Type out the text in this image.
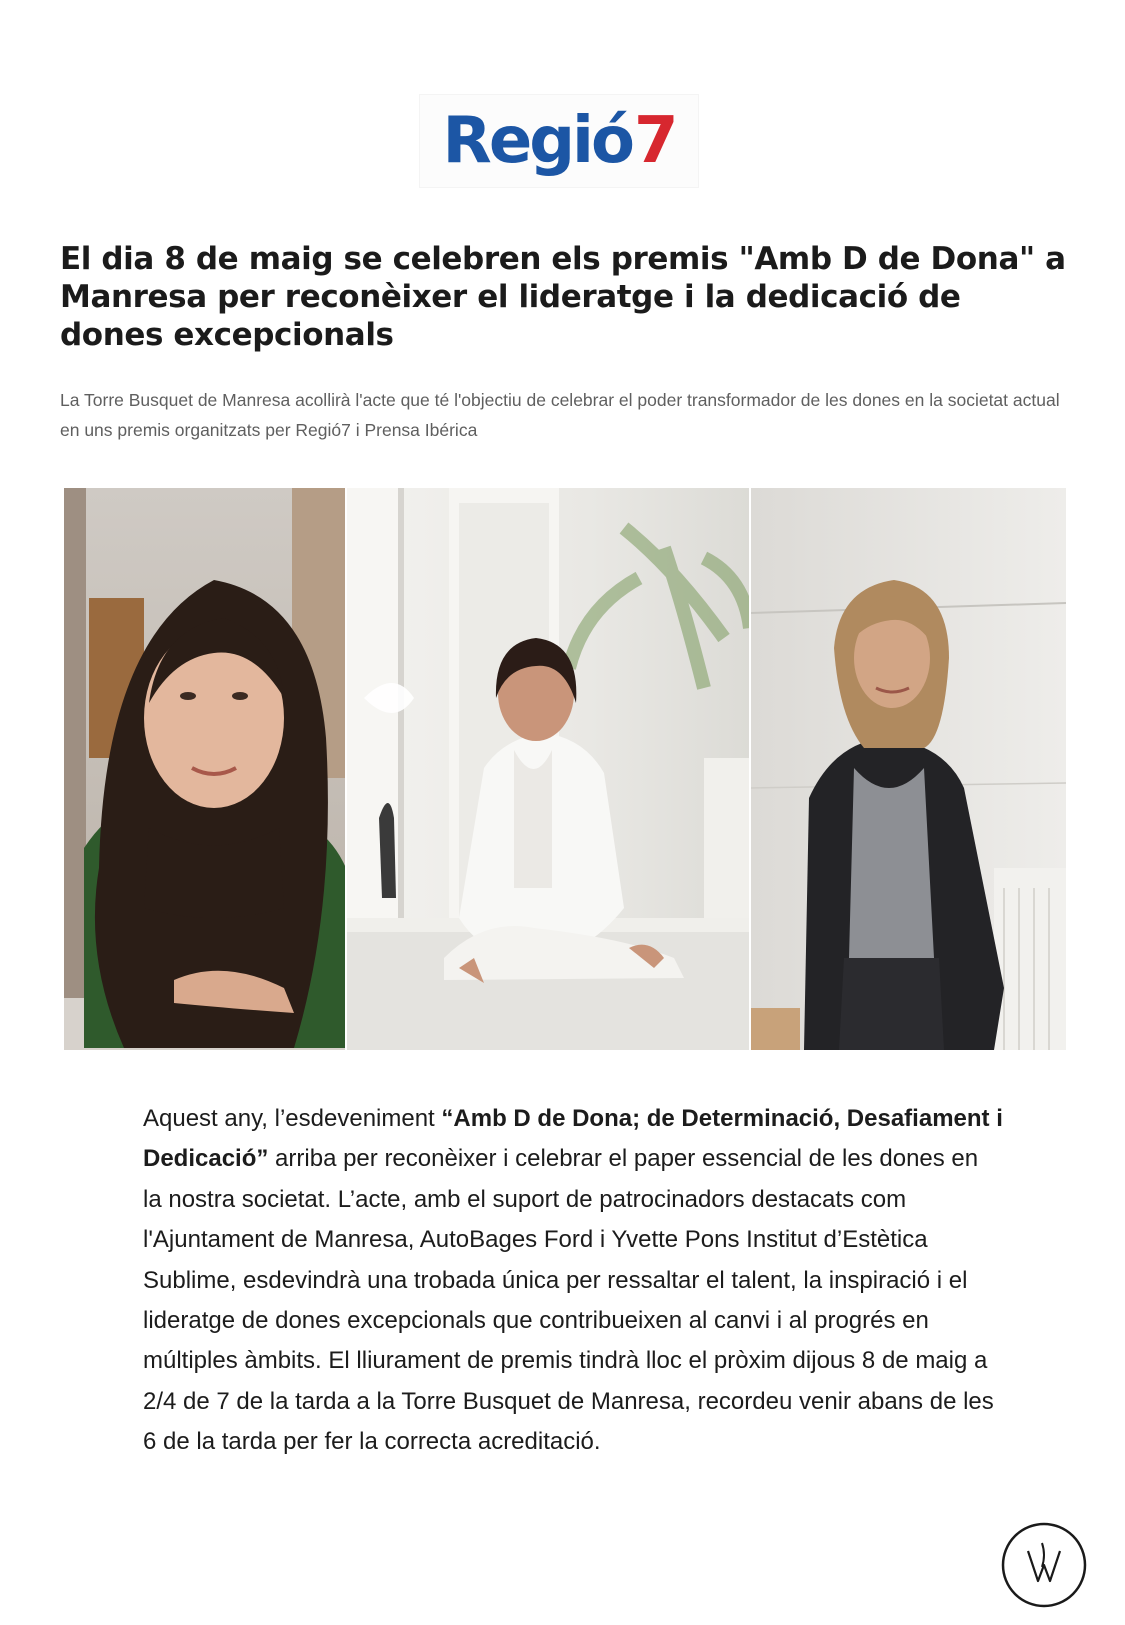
Regió 7
El dia 8 de maig se celebren els premis "Amb D de Dona" a Manresa per reconèixer el lideratge i la dedicació de dones excepcionals

La Torre Busquet de Manresa acollirà l'acte que té l'objectiu de celebrar el poder transformador de les dones en la societat actual en uns premis organitzats per Regió7 i Prensa Ibérica

Aquest any, l’esdeveniment “Amb D de Dona; de Determinació, Desafiament i Dedicació” arriba per reconèixer i celebrar el paper essencial de les dones en la nostra societat. L’acte, amb el suport de patrocinadors destacats com l'Ajuntament de Manresa, AutoBages Ford i Yvette Pons Institut d’Estètica Sublime, esdevindrà una trobada única per ressaltar el talent, la inspiració i el lideratge de dones excepcionals que contribueixen al canvi i al progrés en múltiples àmbits. El lliurament de premis tindrà lloc el pròxim dijous 8 de maig a 2/4 de 7 de la tarda a la Torre Busquet de Manresa, recordeu venir abans de les 6 de la tarda per fer la correcta acreditació.
